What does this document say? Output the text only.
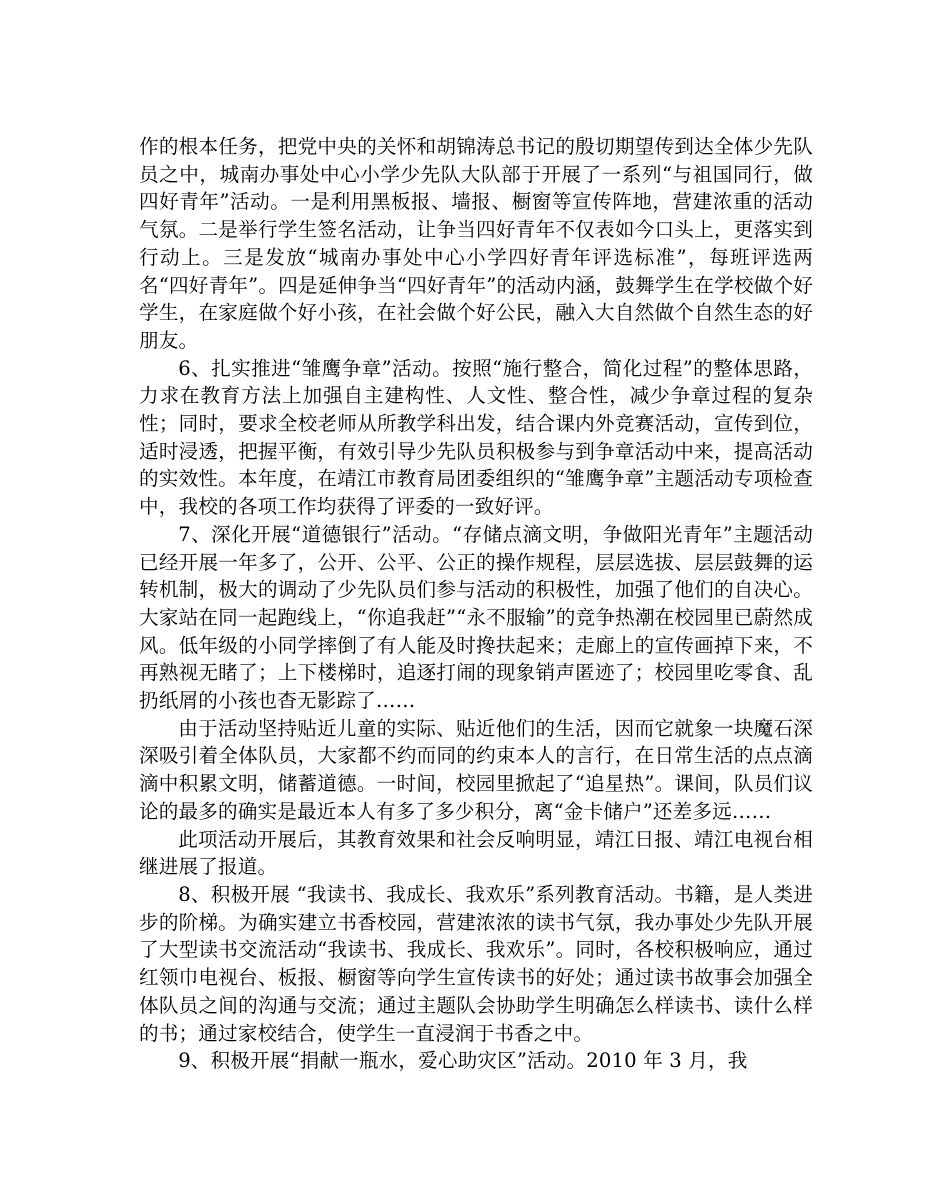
作的根本任务，把党中央的关怀和胡锦涛总书记的殷切期望传到达全体少先队员之中，城南办事处中心小学少先队大队部于开展了一系列“与祖国同行，做四好青年”活动。一是利用黑板报、墙报、橱窗等宣传阵地，营建浓重的活动气氛。二是举行学生签名活动，让争当四好青年不仅表如今口头上，更落实到行动上。三是发放“城南办事处中心小学四好青年评选标准”，每班评选两名“四好青年”。四是延伸争当“四好青年”的活动内涵，鼓舞学生在学校做个好学生，在家庭做个好小孩，在社会做个好公民，融入大自然做个自然生态的好朋友。

6、扎实推进“雏鹰争章”活动。按照“施行整合，简化过程”的整体思路，力求在教育方法上加强自主建构性、人文性、整合性，减少争章过程的复杂性；同时，要求全校老师从所教学科出发，结合课内外竞赛活动，宣传到位，适时浸透，把握平衡，有效引导少先队员积极参与到争章活动中来，提高活动的实效性。本年度，在靖江市教育局团委组织的“雏鹰争章”主题活动专项检查中，我校的各项工作均获得了评委的一致好评。

7、深化开展“道德银行”活动。“存储点滴文明，争做阳光青年”主题活动已经开展一年多了，公开、公平、公正的操作规程，层层选拔、层层鼓舞的运转机制，极大的调动了少先队员们参与活动的积极性，加强了他们的自决心。大家站在同一起跑线上，“你追我赶”“永不服输”的竞争热潮在校园里已蔚然成风。低年级的小同学摔倒了有人能及时搀扶起来；走廊上的宣传画掉下来，不再熟视无睹了；上下楼梯时，追逐打闹的现象销声匿迹了；校园里吃零食、乱扔纸屑的小孩也杳无影踪了……

由于活动坚持贴近儿童的实际、贴近他们的生活，因而它就象一块魔石深深吸引着全体队员，大家都不约而同的约束本人的言行，在日常生活的点点滴滴中积累文明，储蓄道德。一时间，校园里掀起了“追星热”。课间，队员们议论的最多的确实是最近本人有多了多少积分，离“金卡储户”还差多远……

此项活动开展后，其教育效果和社会反响明显，靖江日报、靖江电视台相继进展了报道。

8、积极开展 “我读书、我成长、我欢乐”系列教育活动。书籍，是人类进步的阶梯。为确实建立书香校园，营建浓浓的读书气氛，我办事处少先队开展了大型读书交流活动“我读书、我成长、我欢乐”。同时，各校积极响应，通过红领巾电视台、板报、橱窗等向学生宣传读书的好处；通过读书故事会加强全体队员之间的沟通与交流；通过主题队会协助学生明确怎么样读书、读什么样的书；通过家校结合，使学生一直浸润于书香之中。

9、积极开展“捐献一瓶水，爱心助灾区”活动。2010 年 3 月，我
